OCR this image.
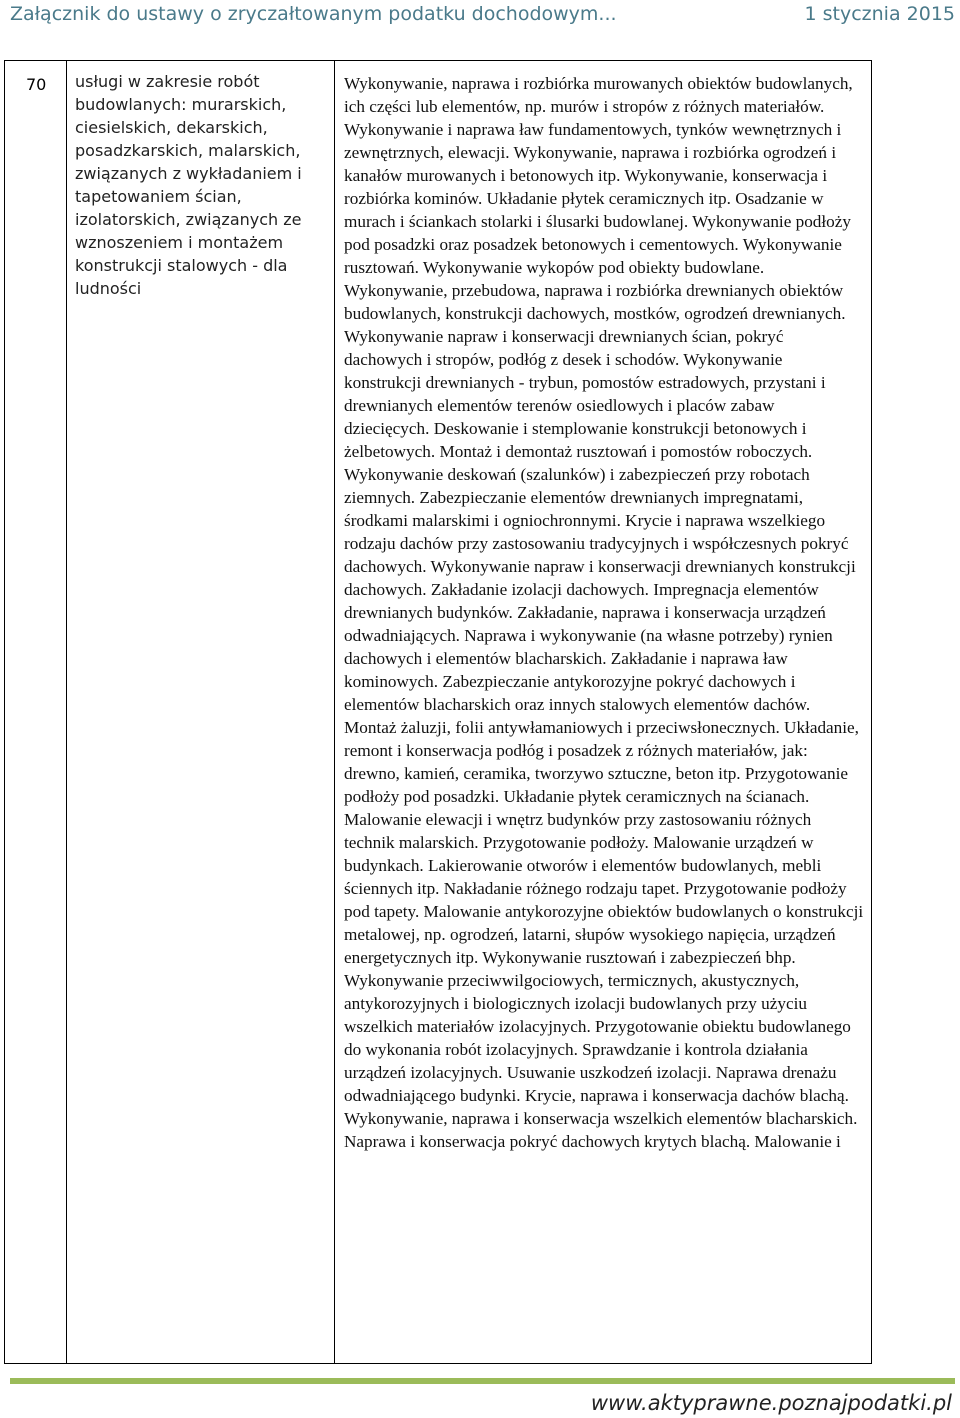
Załącznik do ustawy o zryczałtowanym podatku dochodowym...	1 stycznia 2015
70	usługi w zakresie robót budowlanych: murarskich, ciesielskich, dekarskich, posadzkarskich, malarskich, związanych z wykładaniem i tapetowaniem ścian, izolatorskich, związanych ze wznoszeniem i montażem konstrukcji stalowych - dla ludności
Wykonywanie, naprawa i rozbiórka murowanych obiektów budowlanych, ich części lub elementów, np. murów i stropów z różnych materiałów. Wykonywanie i naprawa ław fundamentowych, tynków wewnętrznych i zewnętrznych, elewacji. Wykonywanie, naprawa i rozbiórka ogrodzeń i kanałów murowanych i betonowych itp. Wykonywanie, konserwacja i rozbiórka kominów. Układanie płytek ceramicznych itp. Osadzanie w murach i ściankach stolarki i ślusarki budowlanej. Wykonywanie podłoży pod posadzki oraz posadzek betonowych i cementowych. Wykonywanie rusztowań. Wykonywanie wykopów pod obiekty budowlane. Wykonywanie, przebudowa, naprawa i rozbiórka drewnianych obiektów budowlanych, konstrukcji dachowych, mostków, ogrodzeń drewnianych. Wykonywanie napraw i konserwacji drewnianych ścian, pokryć dachowych i stropów, podłóg z desek i schodów. Wykonywanie konstrukcji drewnianych - trybun, pomostów estradowych, przystani i drewnianych elementów terenów osiedlowych i placów zabaw dziecięcych. Deskowanie i stemplowanie konstrukcji betonowych i żelbetowych. Montaż i demontaż rusztowań i pomostów roboczych. Wykonywanie deskowań (szalunków) i zabezpieczeń przy robotach ziemnych. Zabezpieczanie elementów drewnianych impregnatami, środkami malarskimi i ogniochronnymi. Krycie i naprawa wszelkiego rodzaju dachów przy zastosowaniu tradycyjnych i współczesnych pokryć dachowych. Wykonywanie napraw i konserwacji drewnianych konstrukcji dachowych. Zakładanie izolacji dachowych. Impregnacja elementów drewnianych budynków. Zakładanie, naprawa i konserwacja urządzeń odwadniających. Naprawa i wykonywanie (na własne potrzeby) rynien dachowych i elementów blacharskich. Zakładanie i naprawa ław kominowych. Zabezpieczanie antykorozyjne pokryć dachowych i elementów blacharskich oraz innych stalowych elementów dachów. Montaż żaluzji, folii antywłamaniowych i przeciwsłonecznych. Układanie, remont i konserwacja podłóg i posadzek z różnych materiałów, jak: drewno, kamień, ceramika, tworzywo sztuczne, beton itp. Przygotowanie podłoży pod posadzki. Układanie płytek ceramicznych na ścianach. Malowanie elewacji i wnętrz budynków przy zastosowaniu różnych technik malarskich. Przygotowanie podłoży. Malowanie urządzeń w budynkach. Lakierowanie otworów i elementów budowlanych, mebli ściennych itp. Nakładanie różnego rodzaju tapet. Przygotowanie podłoży pod tapety. Malowanie antykorozyjne obiektów budowlanych o konstrukcji metalowej, np. ogrodzeń, latarni, słupów wysokiego napięcia, urządzeń energetycznych itp. Wykonywanie rusztowań i zabezpieczeń bhp. Wykonywanie przeciwwilgociowych, termicznych, akustycznych, antykorozyjnych i biologicznych izolacji budowlanych przy użyciu wszelkich materiałów izolacyjnych. Przygotowanie obiektu budowlanego do wykonania robót izolacyjnych. Sprawdzanie i kontrola działania urządzeń izolacyjnych. Usuwanie uszkodzeń izolacji. Naprawa drenażu odwadniającego budynki. Krycie, naprawa i konserwacja dachów blachą. Wykonywanie, naprawa i konserwacja wszelkich elementów blacharskich. Naprawa i konserwacja pokryć dachowych krytych blachą. Malowanie i
www.aktyprawne.poznajpodatki.pl
